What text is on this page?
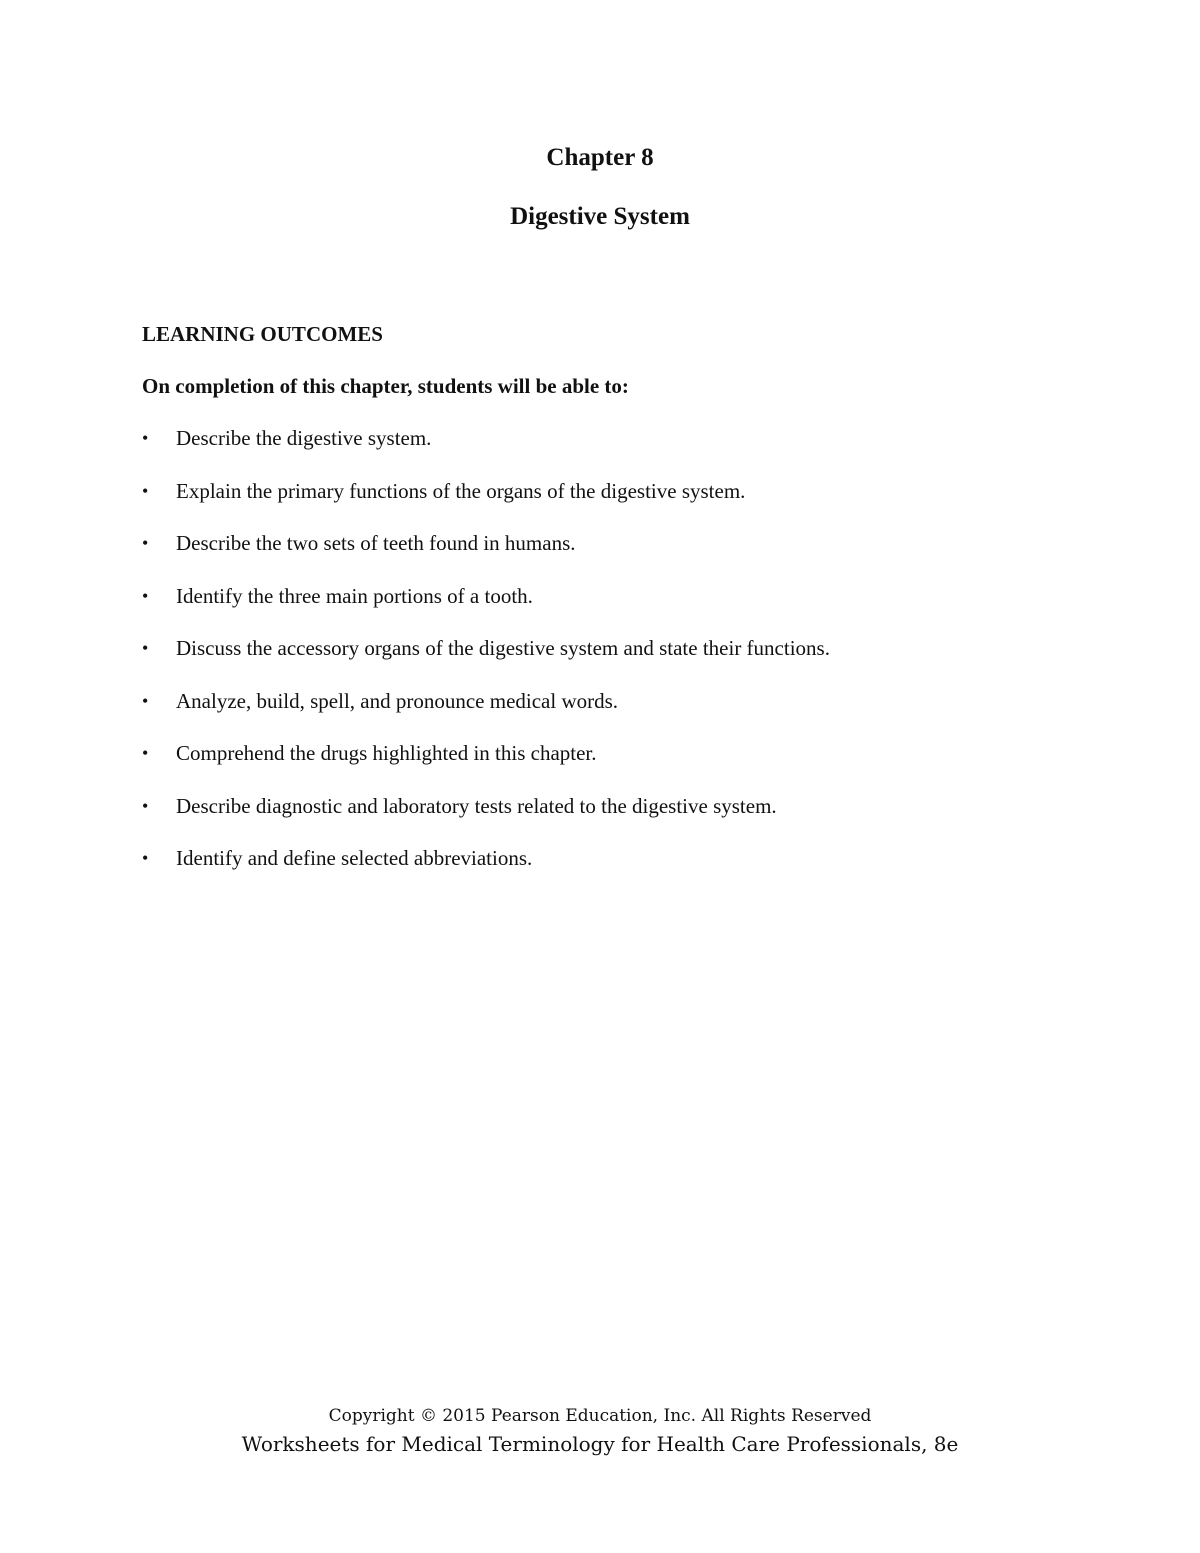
Chapter 8
Digestive System

LEARNING OUTCOMES

On completion of this chapter, students will be able to:

• Describe the digestive system.
• Explain the primary functions of the organs of the digestive system.
• Describe the two sets of teeth found in humans.
• Identify the three main portions of a tooth.
• Discuss the accessory organs of the digestive system and state their functions.
• Analyze, build, spell, and pronounce medical words.
• Comprehend the drugs highlighted in this chapter.
• Describe diagnostic and laboratory tests related to the digestive system.
• Identify and define selected abbreviations.
Copyright © 2015 Pearson Education, Inc. All Rights Reserved
Worksheets for Medical Terminology for Health Care Professionals, 8e
